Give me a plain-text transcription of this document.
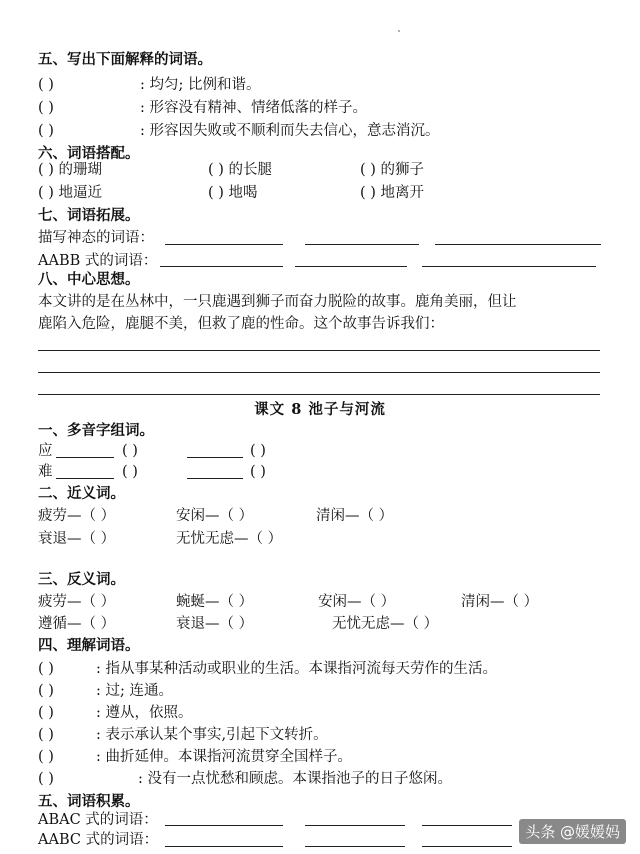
五、写出下面解释的词语。
( )	: 均匀; 比例和谐。
( )	: 形容没有精神、情绪低落的样子。
( )	: 形容因失败或不顺利而失去信心，意志消沉。
六、词语搭配。
( ) 的珊瑚	( ) 的长腿	( ) 的狮子
( ) 地逼近	( ) 地喝	( ) 地离开
七、词语拓展。
描写神态的词语：
AABB 式的词语：
八、中心思想。
本文讲的是在丛林中，一只鹿遇到狮子而奋力脱险的故事。鹿角美丽，但让
鹿陷入危险，鹿腿不美，但救了鹿的性命。这个故事告诉我们：
课文 8 池子与河流
一、多音字组词。
应	( )	( )
难	( )	( )
二、近义词。
疲劳—（ ）	安闲—（ ）	清闲—（ ）
衰退—（ ）	无忧无虑—（ ）
三、反义词。
疲劳—（ ）	蜿蜒—（ ）	安闲—（ ）	清闲—（ ）
遵循—（ ）	衰退—（ ）	无忧无虑—（ ）
四、理解词语。
( )	: 指从事某种活动或职业的生活。本课指河流每天劳作的生活。
( )	: 过; 连通。
( )	: 遵从，依照。
( )	: 表示承认某个事实,引起下文转折。
( )	: 曲折延伸。本课指河流贯穿全国样子。
( )	: 没有一点忧愁和顾虑。本课指池子的日子悠闲。
五、词语积累。
ABAC 式的词语：
AABC 式的词语：	头条 @媛媛妈
